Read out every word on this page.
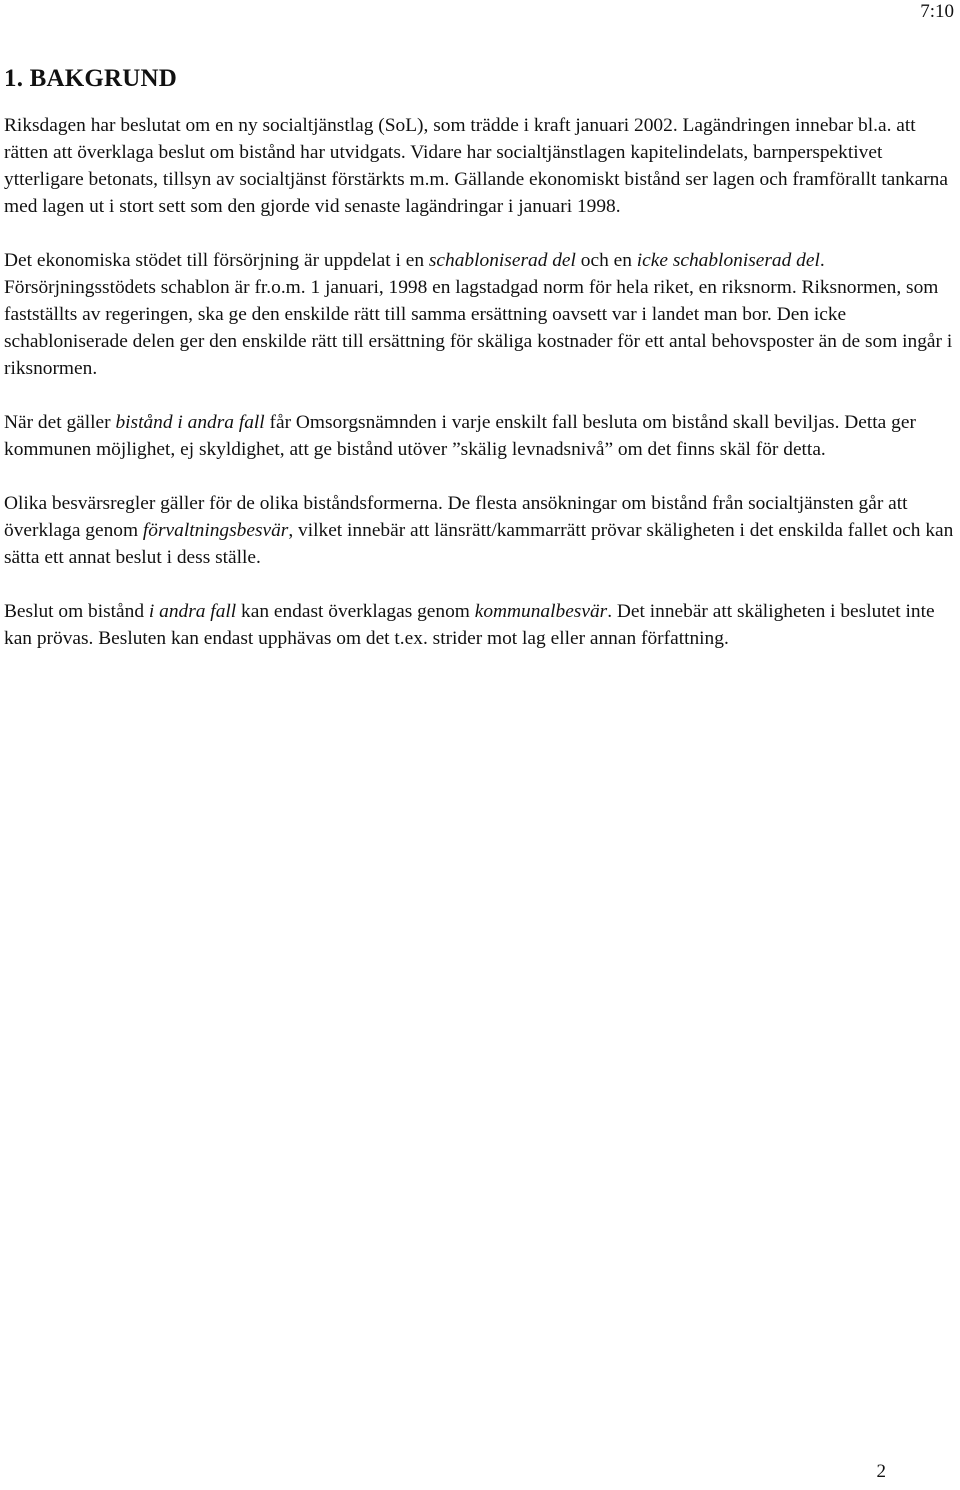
7:10
1. BAKGRUND

Riksdagen har beslutat om en ny socialtjänstlag (SoL), som trädde i kraft januari 2002. Lagändringen innebar bl.a. att rätten att överklaga beslut om bistånd har utvidgats. Vidare har socialtjänstlagen kapitelindelats, barnperspektivet ytterligare betonats, tillsyn av socialtjänst förstärkts m.m. Gällande ekonomiskt bistånd ser lagen och framförallt tankarna med lagen ut i stort sett som den gjorde vid senaste lagändringar i januari 1998.

Det ekonomiska stödet till försörjning är uppdelat i en schabloniserad del och en icke schabloniserad del. Försörjningsstödets schablon är fr.o.m. 1 januari, 1998 en lagstadgad norm för hela riket, en riksnorm. Riksnormen, som fastställts av regeringen, ska ge den enskilde rätt till samma ersättning oavsett var i landet man bor. Den icke schabloniserade delen ger den enskilde rätt till ersättning för skäliga kostnader för ett antal behovsposter än de som ingår i riksnormen.

När det gäller bistånd i andra fall får Omsorgsnämnden i varje enskilt fall besluta om bistånd skall beviljas. Detta ger kommunen möjlighet, ej skyldighet, att ge bistånd utöver ”skälig levnadsnivå” om det finns skäl för detta.

Olika besvärsregler gäller för de olika biståndsformerna. De flesta ansökningar om bistånd från socialtjänsten går att överklaga genom förvaltningsbesvär, vilket innebär att länsrätt/kammarrätt prövar skäligheten i det enskilda fallet och kan sätta ett annat beslut i dess ställe.

Beslut om bistånd i andra fall kan endast överklagas genom kommunalbesvär. Det innebär att skäligheten i beslutet inte kan prövas. Besluten kan endast upphävas om det t.ex. strider mot lag eller annan författning.

2
